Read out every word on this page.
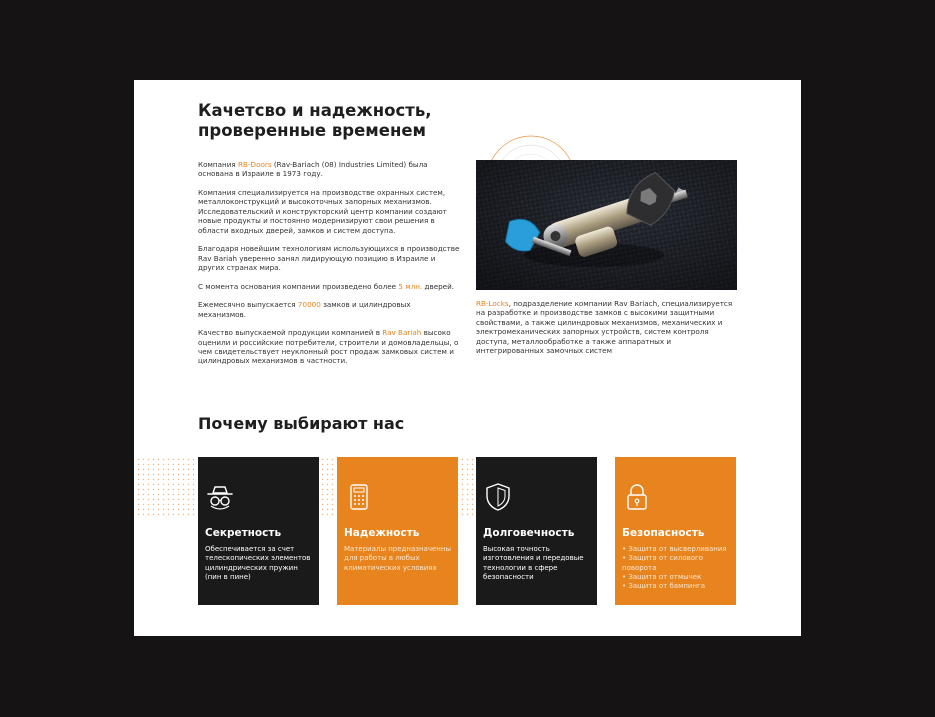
Качетсво и надежность,
проверенные временем

Компания RB-Doors (Rav-Bariach (08) Industries Limited) была основана в Израиле в 1973 году.

Компания специализируется на производстве охранных систем, металлоконструкций и высокоточных запорных механизмов. Исследовательский и конструкторский центр компании создают новые продукты и постоянно модернизируют свои решения в области входных дверей, замков и систем доступа.

Благодаря новейшим технологиям использующихся в производстве Rav Bariah уверенно занял лидирующую позицию в Израиле и других странах мира.

С момента основания компании произведено более 5 млн. дверей.

Ежемесячно выпускается 70000 замков и цилиндровых механизмов.

Качество выпускаемой продукции компанией в Rav Bariah высоко оценили и российские потребители, строители и домовладельцы, о чем свидетельствует неуклонный рост продаж замковых систем и цилиндровых механизмов в частности.

RB-Locks, подразделение компании Rav Bariach, специализируется на разработке и производстве замков с высокими защитными свойствами, а также цилиндровых механизмов, механических и электромеханических запорных устройств, систем контроля доступа, металлообработке а также аппаратных и интегрированных замочных систем
Почему выбирают нас
Секретность
Обеспечивается за счет телескопических элементов цилиндрических пружин (пин в пине)
Надежность
Материалы предназначенны для работы в любых климатических условиях
Долговечность
Высокая точность изготовления и передовые технологии в сфере безопасности
Безопасность
• Защита от высверливания
• Защита от силового поворота
• Защита от отмычек
• Защита от бампинга
